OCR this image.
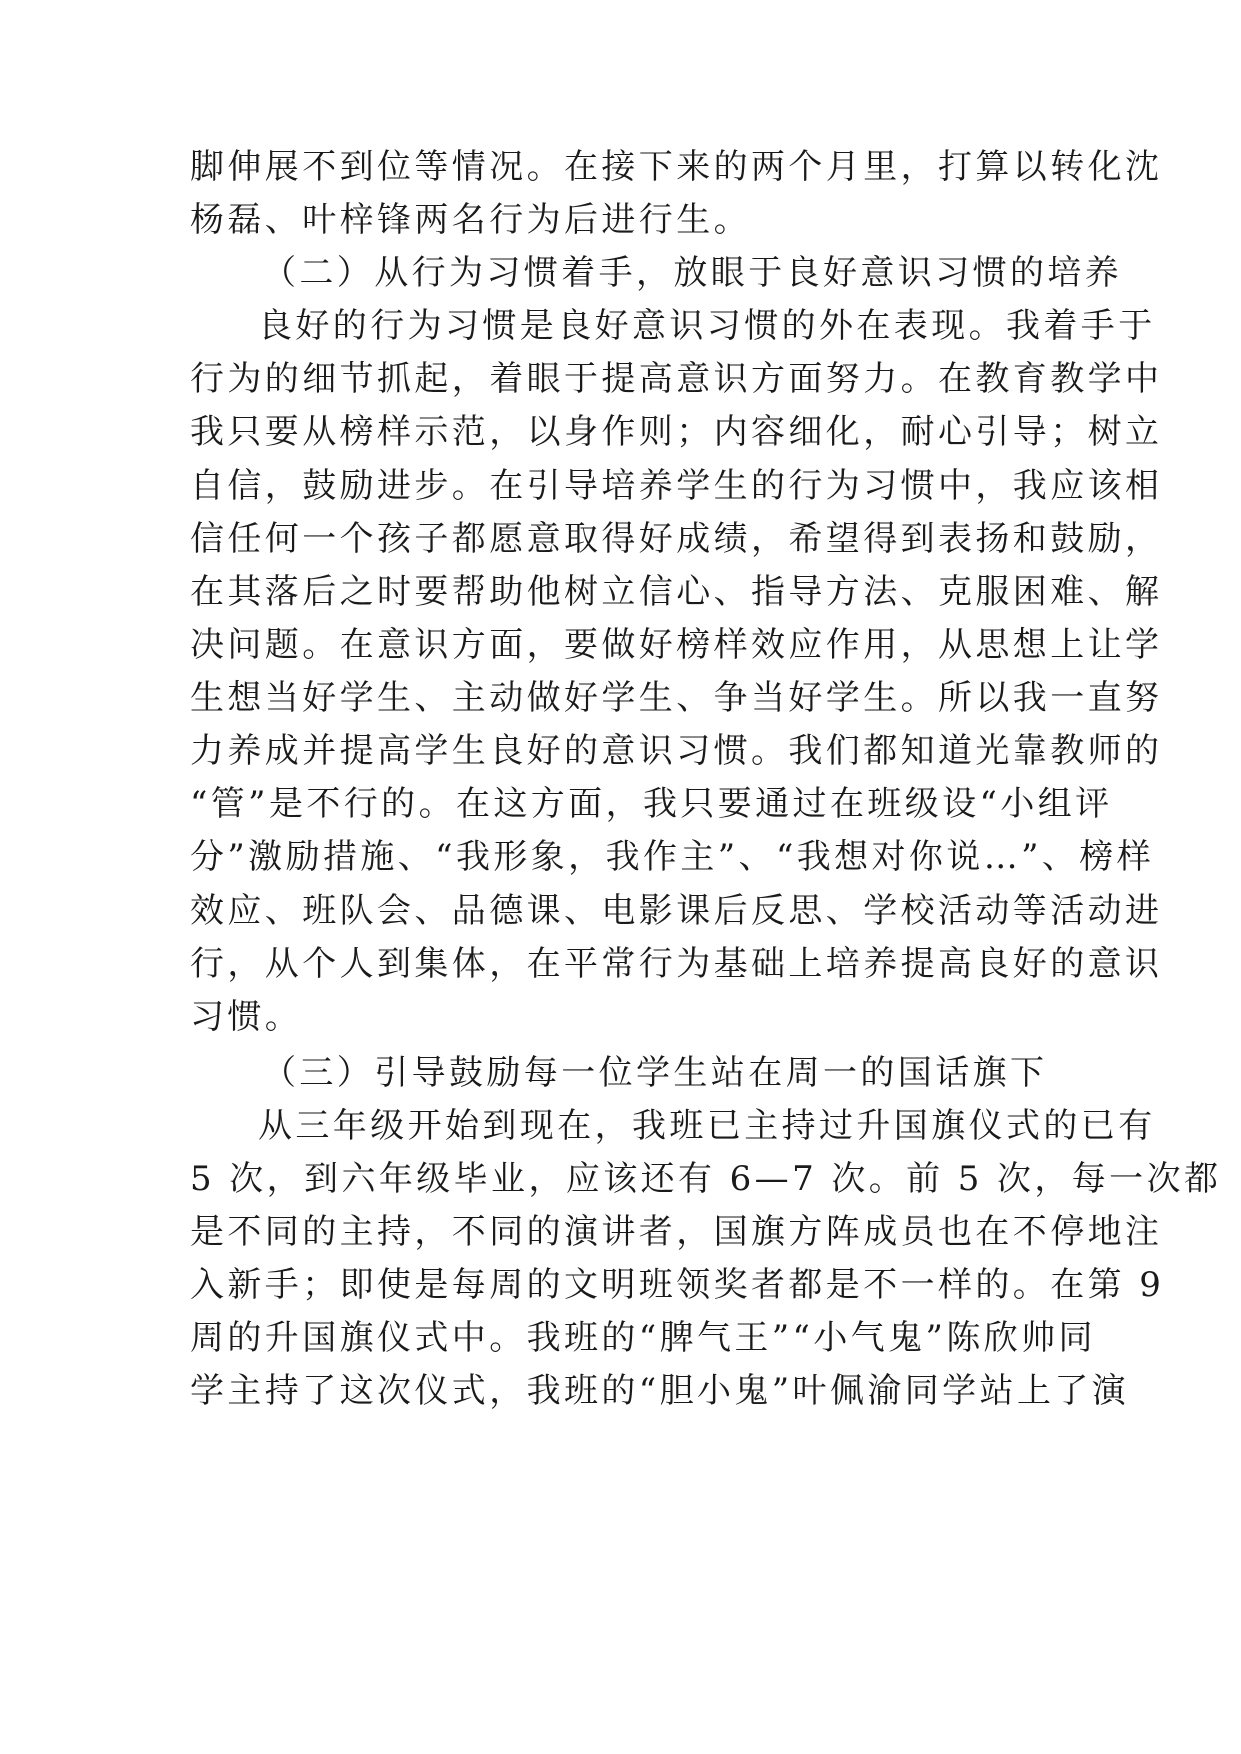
脚伸展不到位等情况。在接下来的两个月里，打算以转化沈
杨磊、叶梓锋两名行为后进行生。
（二）从行为习惯着手，放眼于良好意识习惯的培养
良好的行为习惯是良好意识习惯的外在表现。我着手于
行为的细节抓起，着眼于提高意识方面努力。在教育教学中
我只要从榜样示范，以身作则；内容细化，耐心引导；树立
自信，鼓励进步。在引导培养学生的行为习惯中，我应该相
信任何一个孩子都愿意取得好成绩，希望得到表扬和鼓励，
在其落后之时要帮助他树立信心、指导方法、克服困难、解
决问题。在意识方面，要做好榜样效应作用，从思想上让学
生想当好学生、主动做好学生、争当好学生。所以我一直努
力养成并提高学生良好的意识习惯。我们都知道光靠教师的
“管”是不行的。在这方面，我只要通过在班级设“小组评
分”激励措施、“我形象，我作主”、“我想对你说…”、榜样
效应、班队会、品德课、电影课后反思、学校活动等活动进
行，从个人到集体，在平常行为基础上培养提高良好的意识
习惯。
（三）引导鼓励每一位学生站在周一的国话旗下
从三年级开始到现在，我班已主持过升国旗仪式的已有
5 次，到六年级毕业，应该还有 6—7 次。前 5 次，每一次都
是不同的主持，不同的演讲者，国旗方阵成员也在不停地注
入新手；即使是每周的文明班领奖者都是不一样的。在第 9
周的升国旗仪式中。我班的“脾气王”“小气鬼”陈欣帅同
学主持了这次仪式，我班的“胆小鬼”叶佩渝同学站上了演
